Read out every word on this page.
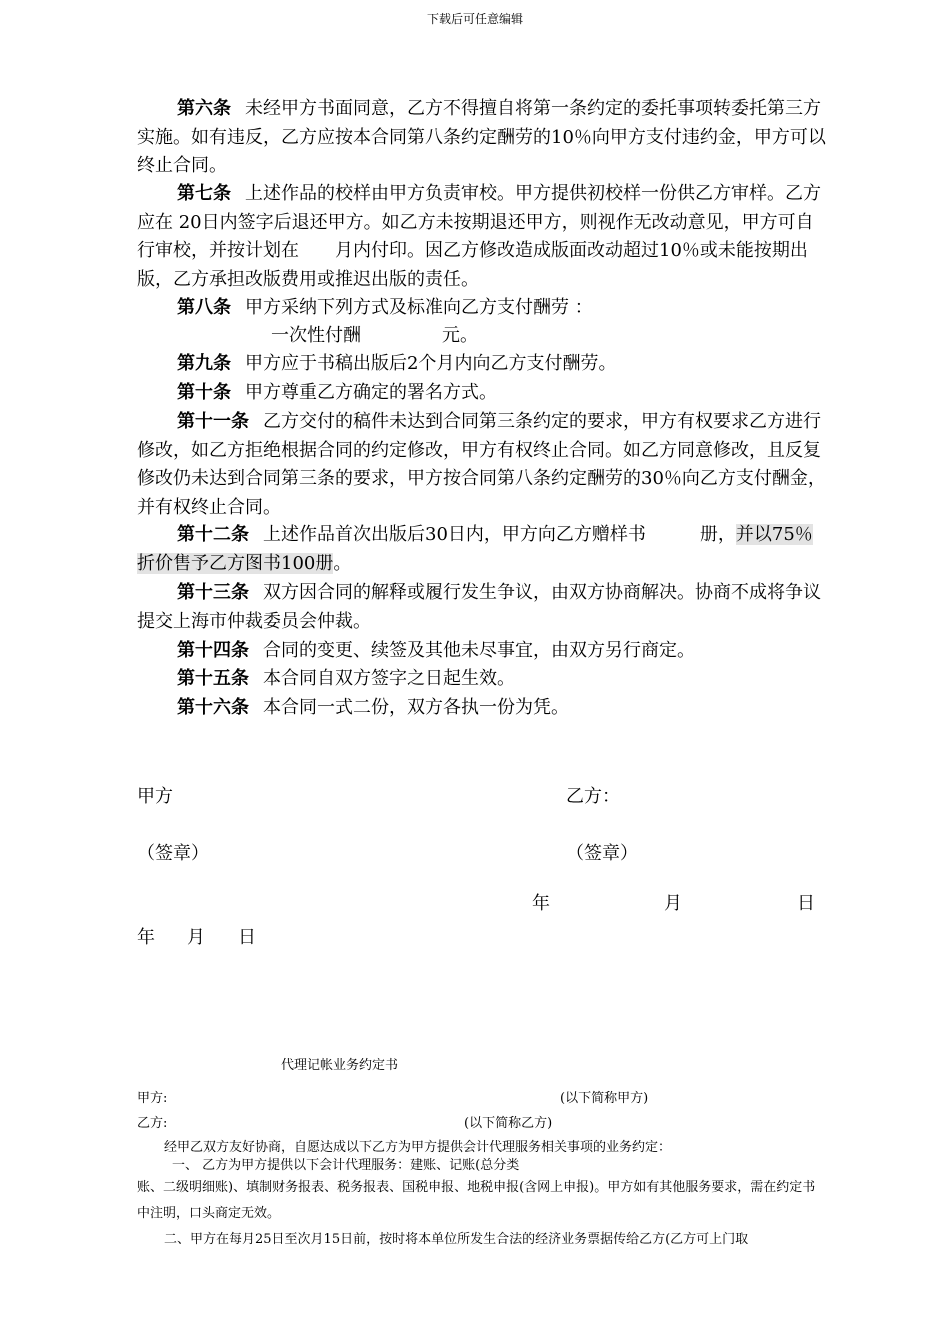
下载后可任意编辑
第六条 未经甲方书面同意，乙方不得擅自将第一条约定的委托事项转委托第三方实施。如有违反，乙方应按本合同第八条约定酬劳的10％向甲方支付违约金，甲方可以终止合同。
第七条 上述作品的校样由甲方负责审校。甲方提供初校样一份供乙方审样。乙方应在 20日内签字后退还甲方。如乙方未按期退还甲方，则视作无改动意见，甲方可自行审校，并按计划在　　月内付印。因乙方修改造成版面改动超过10％或未能按期出版，乙方承担改版费用或推迟出版的责任。
第八条 甲方采纳下列方式及标准向乙方支付酬劳 ：
一次性付酬	元。
第九条 甲方应于书稿出版后2个月内向乙方支付酬劳。
第十条 甲方尊重乙方确定的署名方式。
第十一条 乙方交付的稿件未达到合同第三条约定的要求，甲方有权要求乙方进行修改，如乙方拒绝根据合同的约定修改，甲方有权终止合同。如乙方同意修改，且反复修改仍未达到合同第三条的要求，甲方按合同第八条约定酬劳的30％向乙方支付酬金，并有权终止合同。
第十二条 上述作品首次出版后30日内，甲方向乙方赠样书　　　册，并以75％折价售予乙方图书100册。
第十三条 双方因合同的解释或履行发生争议，由双方协商解决。协商不成将争议提交上海市仲裁委员会仲裁。
第十四条 合同的变更、续签及其他未尽事宜，由双方另行商定。
第十五条 本合同自双方签字之日起生效。
第十六条 本合同一式二份，双方各执一份为凭。
甲方	乙方：
（签章）	（签章）
年	月	日
年 月 日
代理记帐业务约定书
甲方:	(以下简称甲方)
乙方:	(以下简称乙方)
经甲乙双方友好协商，自愿达成以下乙方为甲方提供会计代理服务相关事项的业务约定：
一、 乙方为甲方提供以下会计代理服务：建账、记账(总分类
账、二级明细账)、填制财务报表、税务报表、国税申报、地税申报(含网上申报)。甲方如有其他服务要求，需在约定书中注明，口头商定无效。
二、甲方在每月25日至次月15日前，按时将本单位所发生合法的经济业务票据传给乙方(乙方可上门取
